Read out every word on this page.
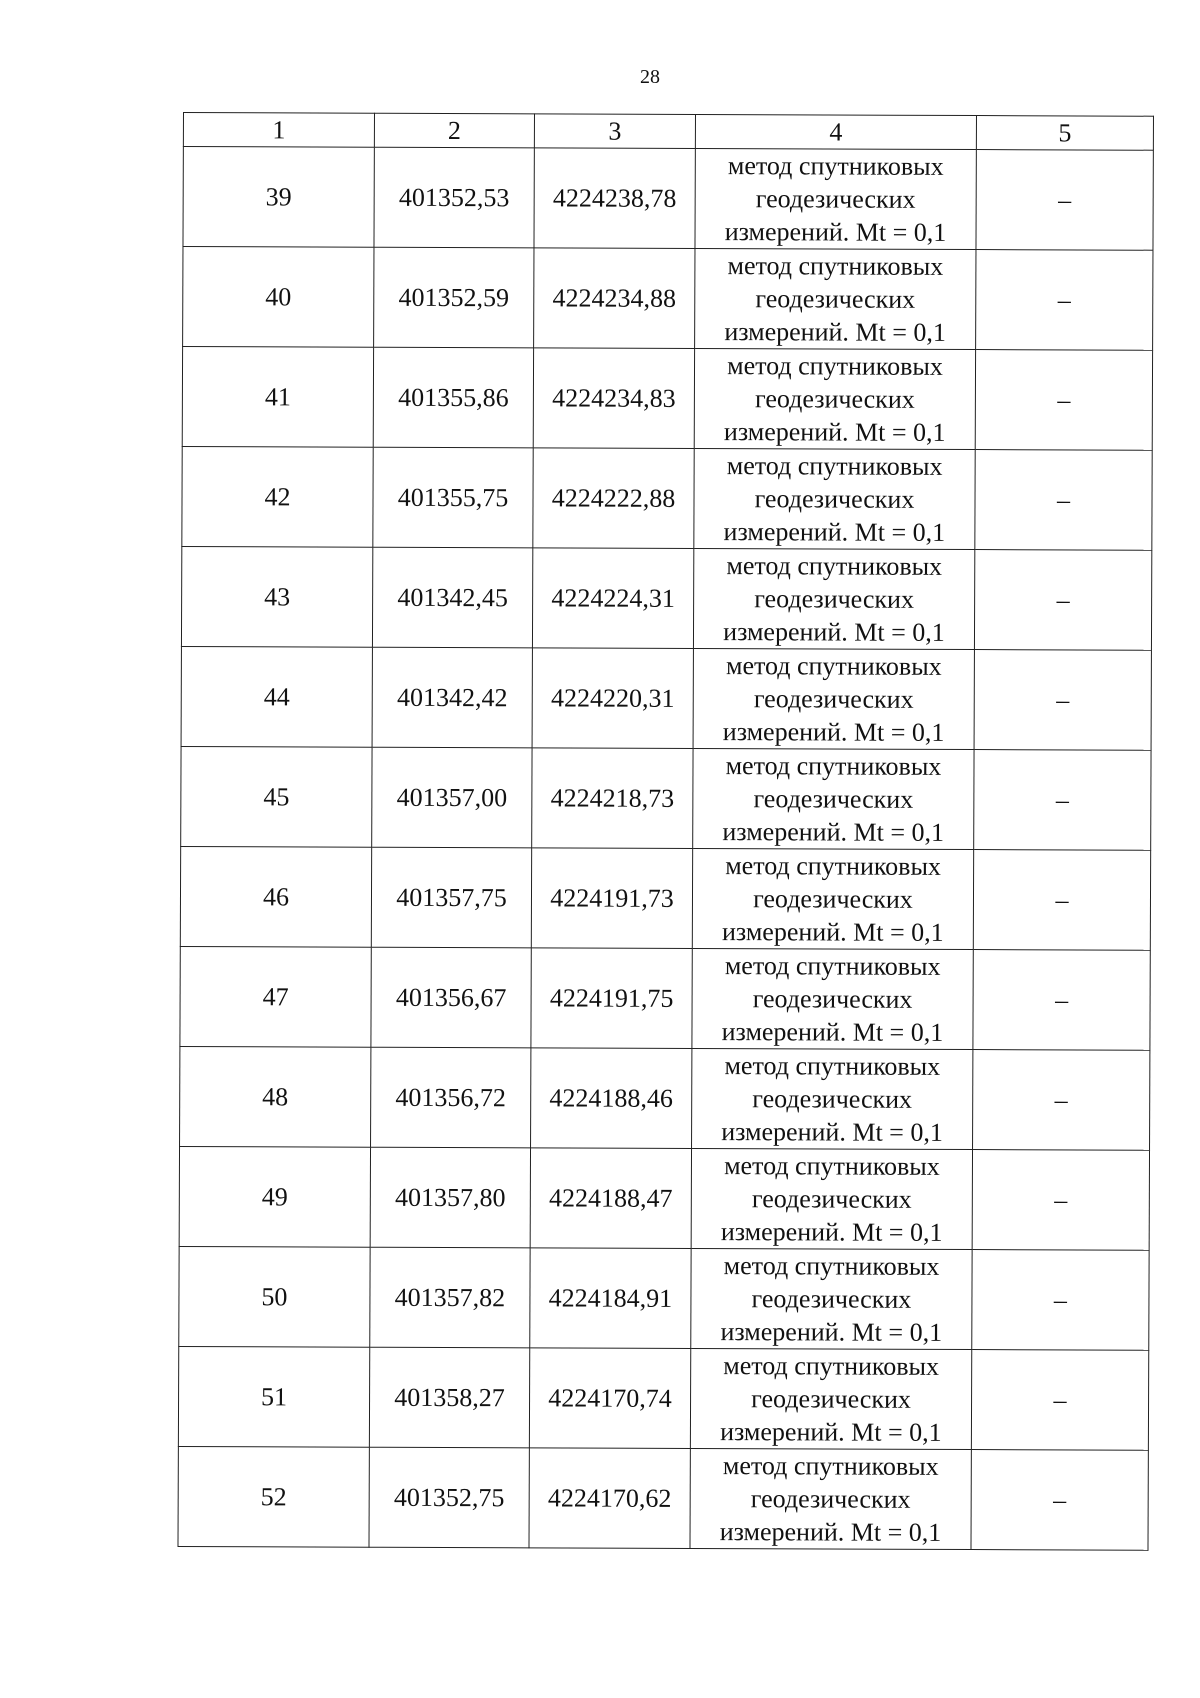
28
1	2	3	4	5
39	401352,53	4224238,78	метод спутниковых
геодезических
измерений. Mt = 0,1	–
40	401352,59	4224234,88	метод спутниковых
геодезических
измерений. Mt = 0,1	–
41	401355,86	4224234,83	метод спутниковых
геодезических
измерений. Mt = 0,1	–
42	401355,75	4224222,88	метод спутниковых
геодезических
измерений. Mt = 0,1	–
43	401342,45	4224224,31	метод спутниковых
геодезических
измерений. Mt = 0,1	–
44	401342,42	4224220,31	метод спутниковых
геодезических
измерений. Mt = 0,1	–
45	401357,00	4224218,73	метод спутниковых
геодезических
измерений. Mt = 0,1	–
46	401357,75	4224191,73	метод спутниковых
геодезических
измерений. Mt = 0,1	–
47	401356,67	4224191,75	метод спутниковых
геодезических
измерений. Mt = 0,1	–
48	401356,72	4224188,46	метод спутниковых
геодезических
измерений. Mt = 0,1	–
49	401357,80	4224188,47	метод спутниковых
геодезических
измерений. Mt = 0,1	–
50	401357,82	4224184,91	метод спутниковых
геодезических
измерений. Mt = 0,1	–
51	401358,27	4224170,74	метод спутниковых
геодезических
измерений. Mt = 0,1	–
52	401352,75	4224170,62	метод спутниковых
геодезических
измерений. Mt = 0,1	–
